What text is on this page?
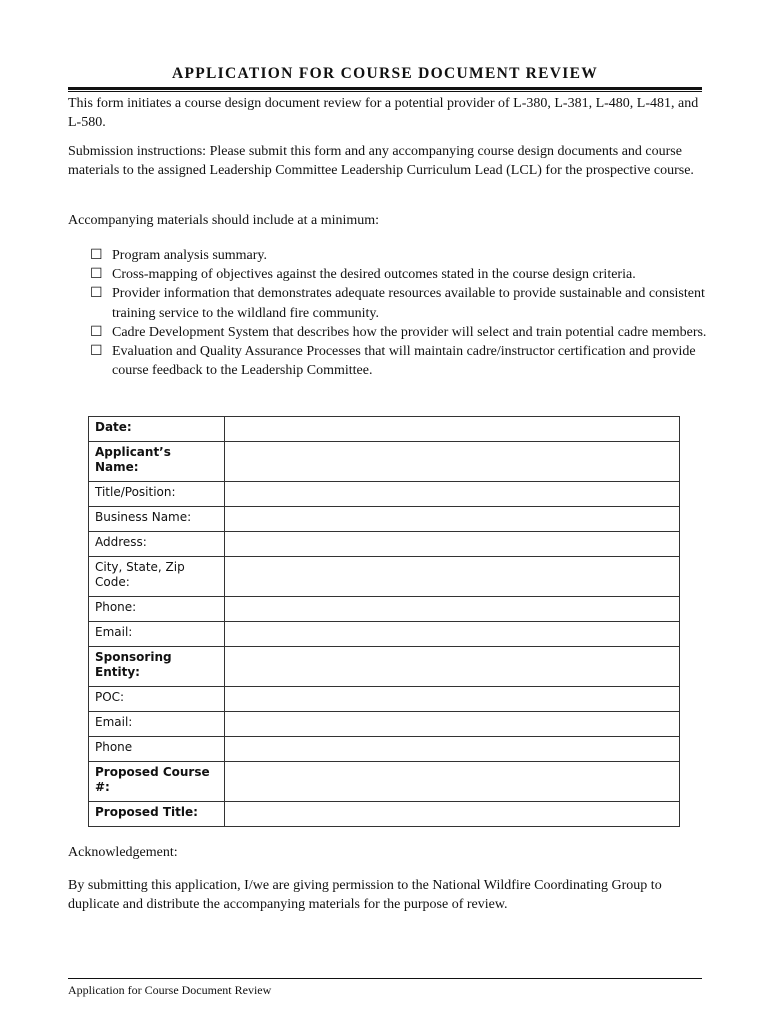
APPLICATION FOR COURSE DOCUMENT REVIEW
This form initiates a course design document review for a potential provider of L-380, L-381, L-480, L-481, and L-580.
Submission instructions: Please submit this form and any accompanying course design documents and course materials to the assigned Leadership Committee Leadership Curriculum Lead (LCL) for the prospective course.
Accompanying materials should include at a minimum:
☐ Program analysis summary.
☐ Cross-mapping of objectives against the desired outcomes stated in the course design criteria.
☐ Provider information that demonstrates adequate resources available to provide sustainable and consistent training service to the wildland fire community.
☐ Cadre Development System that describes how the provider will select and train potential cadre members.
☐ Evaluation and Quality Assurance Processes that will maintain cadre/instructor certification and provide course feedback to the Leadership Committee.
Date:	
Applicant’s Name:	
Title/Position:	
Business Name:	
Address:	
City, State, Zip Code:	
Phone:	
Email:	
Sponsoring Entity:	
POC:	
Email:	
Phone	
Proposed Course #:	
Proposed Title:	
Acknowledgement:
By submitting this application, I/we are giving permission to the National Wildfire Coordinating Group to duplicate and distribute the accompanying materials for the purpose of review.
Application for Course Document Review
